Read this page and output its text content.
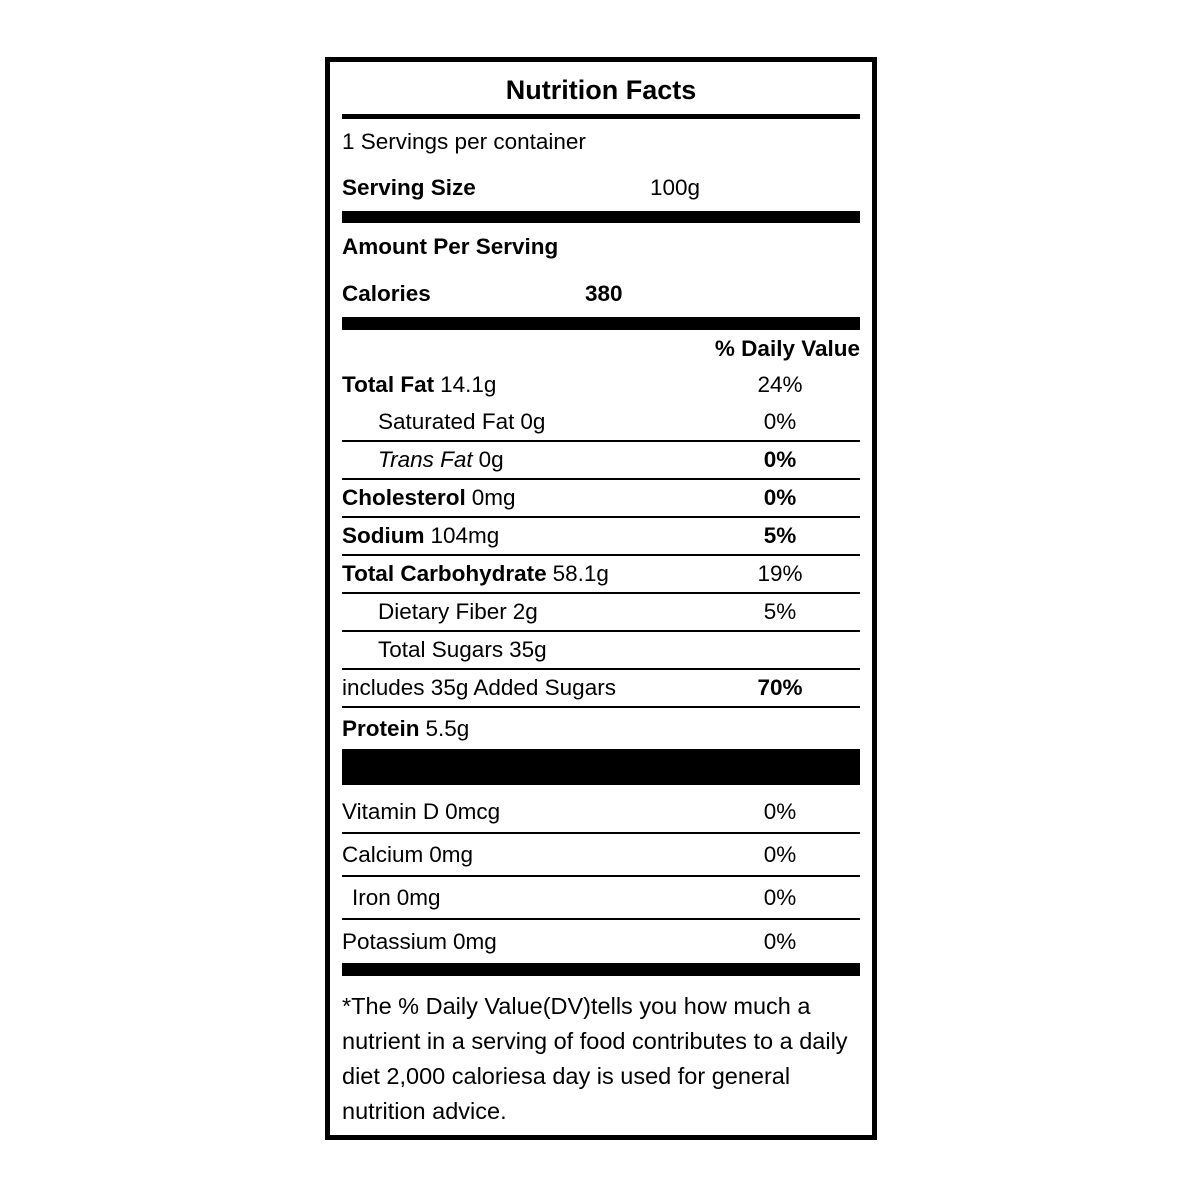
Nutrition Facts
1 Servings per container
Serving Size	100g
Amount Per Serving
Calories	380
% Daily Value
Total Fat 14.1g	24%
Saturated Fat 0g	0%
Trans Fat 0g	0%
Cholesterol 0mg	0%
Sodium 104mg	5%
Total Carbohydrate 58.1g	19%
Dietary Fiber 2g	5%
Total Sugars 35g
includes 35g Added Sugars	70%
Protein 5.5g
Vitamin D 0mcg	0%
Calcium 0mg	0%
Iron 0mg	0%
Potassium 0mg	0%
*The % Daily Value(DV)tells you how much a nutrient in a serving of food contributes to a daily diet 2,000 caloriesa day is used for general nutrition advice.
